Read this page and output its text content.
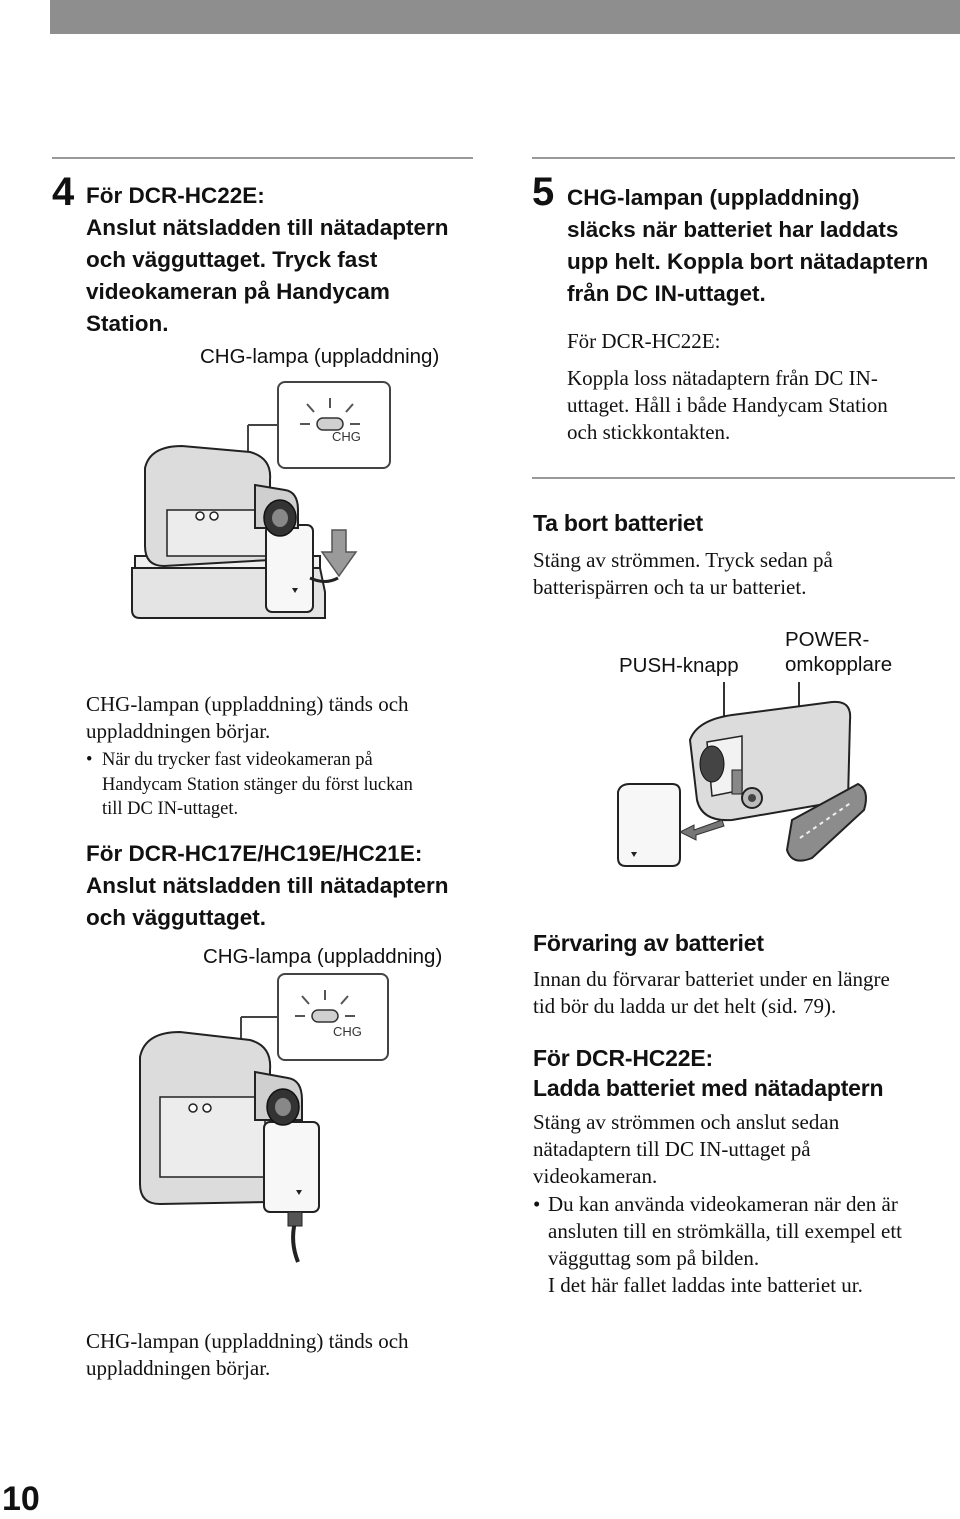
4 För DCR-HC22E:
Anslut nätsladden till nätadaptern
och vägguttaget. Tryck fast
videokameran på Handycam
Station.
CHG-lampa (uppladdning)
CHG
CHG-lampan (uppladdning) tänds och
uppladdningen börjar.
• När du trycker fast videokameran på
Handycam Station stänger du först luckan
till DC IN-uttaget.
För DCR-HC17E/HC19E/HC21E:
Anslut nätsladden till nätadaptern
och vägguttaget.
CHG-lampa (uppladdning)
CHG
CHG-lampan (uppladdning) tänds och
uppladdningen börjar.
10
5 CHG-lampan (uppladdning)
släcks när batteriet har laddats
upp helt. Koppla bort nätadaptern
från DC IN-uttaget.
För DCR-HC22E:
Koppla loss nätadaptern från DC IN-
uttaget. Håll i både Handycam Station
och stickkontakten.
Ta bort batteriet
Stäng av strömmen. Tryck sedan på
batterispärren och ta ur batteriet.
PUSH-knapp
POWER-
omkopplare
Förvaring av batteriet
Innan du förvarar batteriet under en längre
tid bör du ladda ur det helt (sid. 79).
För DCR-HC22E:
Ladda batteriet med nätadaptern
Stäng av strömmen och anslut sedan
nätadaptern till DC IN-uttaget på
videokameran.
• Du kan använda videokameran när den är
ansluten till en strömkälla, till exempel ett
vägguttag som på bilden.
I det här fallet laddas inte batteriet ur.
